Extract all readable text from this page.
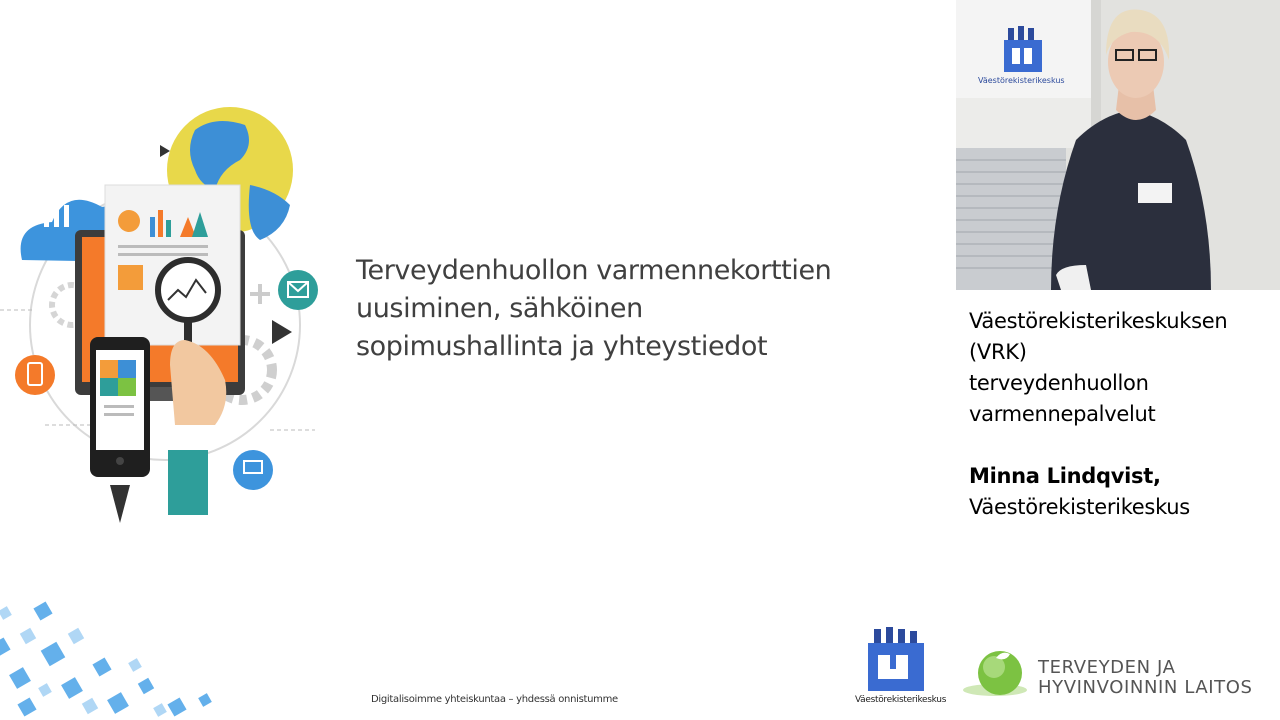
Terveydenhuollon varmennekorttien
uusiminen, sähköinen
sopimushallinta ja yhteystiedot
Digitalisoimme yhteiskuntaa – yhdessä onnistumme
Väestörekisterikeskus

Väestörekisterikeskuksen

(VRK)

terveydenhuollon

varmennepalvelut

Minna Lindqvist,

Väestörekisterikeskus

Väestörekisterikeskus
TERVEYDEN JA
HYVINVOINNIN LAITOS
